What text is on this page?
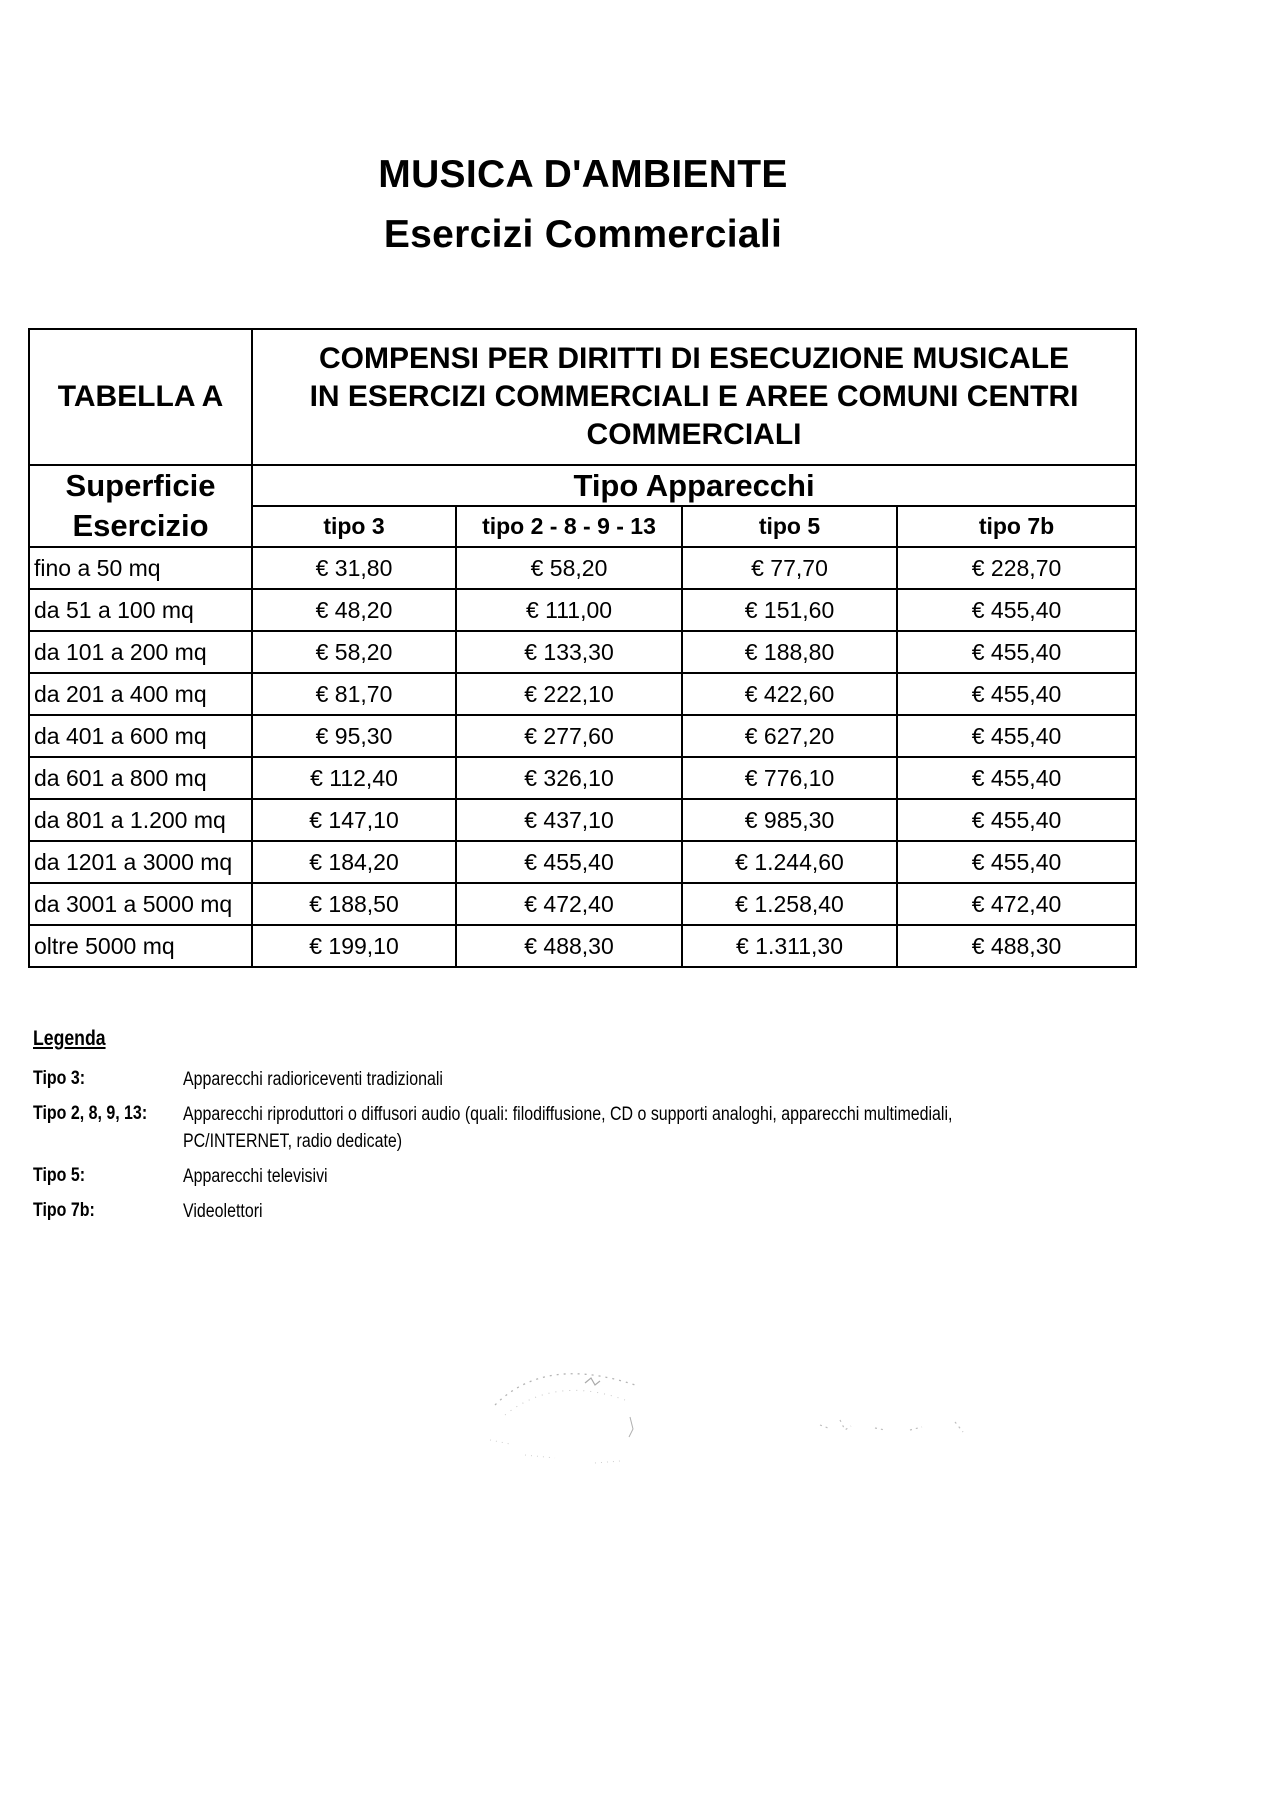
MUSICA D'AMBIENTE
Esercizi Commerciali
TABELLA A	COMPENSI PER DIRITTI DI ESECUZIONE MUSICALE
IN ESERCIZI COMMERCIALI E AREE COMUNI CENTRI
COMMERCIALI			

Superficie
Esercizio	Tipo Apparecchi			
	tipo 3	tipo 2 - 8 - 9 - 13	tipo 5	tipo 7b
fino a 50 mq	€ 31,80	€ 58,20	€ 77,70	€ 228,70
da 51 a 100 mq	€ 48,20	€ 111,00	€ 151,60	€ 455,40
da 101 a 200 mq	€ 58,20	€ 133,30	€ 188,80	€ 455,40
da 201 a 400 mq	€ 81,70	€ 222,10	€ 422,60	€ 455,40
da 401 a 600 mq	€ 95,30	€ 277,60	€ 627,20	€ 455,40
da 601 a 800 mq	€ 112,40	€ 326,10	€ 776,10	€ 455,40
da 801 a 1.200 mq	€ 147,10	€ 437,10	€ 985,30	€ 455,40
da 1201 a 3000 mq	€ 184,20	€ 455,40	€ 1.244,60	€ 455,40
da 3001 a 5000 mq	€ 188,50	€ 472,40	€ 1.258,40	€ 472,40
oltre 5000 mq	€ 199,10	€ 488,30	€ 1.311,30	€ 488,30
Legenda
Tipo 3:	Apparecchi radioriceventi tradizionali
Tipo 2, 8, 9, 13: Apparecchi riproduttori o diffusori audio (quali: filodiffusione, CD o supporti analoghi, apparecchi multimediali,
PC/INTERNET, radio dedicate)
Tipo 5:	Apparecchi televisivi
Tipo 7b:	Videolettori
